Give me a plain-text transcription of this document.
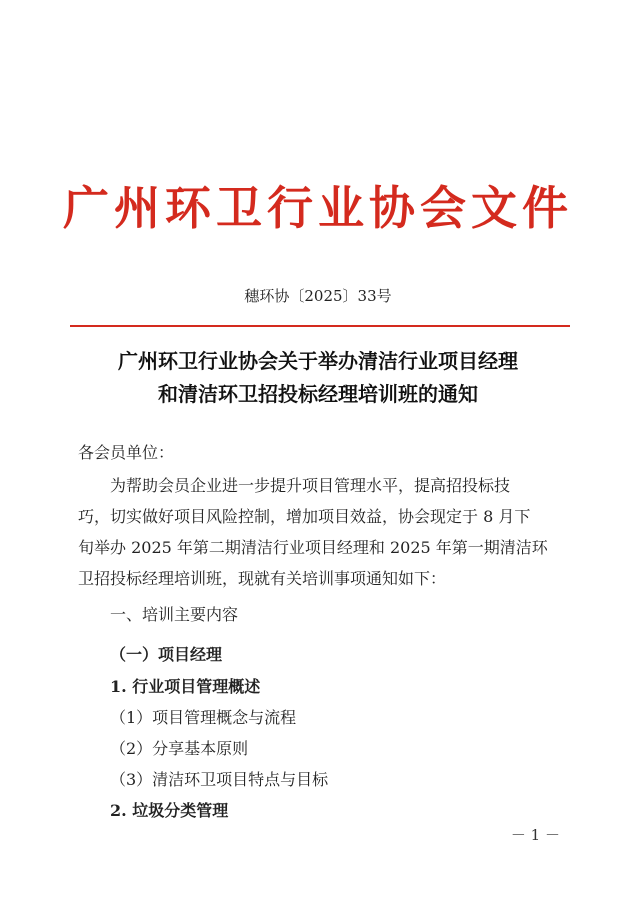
广州环卫行业协会文件
穗环协〔2025〕33号
广州环卫行业协会关于举办清洁行业项目经理
和清洁环卫招投标经理培训班的通知
各会员单位：
为帮助会员企业进一步提升项目管理水平，提高招投标技
巧，切实做好项目风险控制，增加项目效益，协会现定于 8 月下
旬举办 2025 年第二期清洁行业项目经理和 2025 年第一期清洁环
卫招投标经理培训班，现就有关培训事项通知如下：
一、培训主要内容
（一）项目经理
1. 行业项目管理概述
（1）项目管理概念与流程
（2）分享基本原则
（3）清洁环卫项目特点与目标
2. 垃圾分类管理
－ 1 －
